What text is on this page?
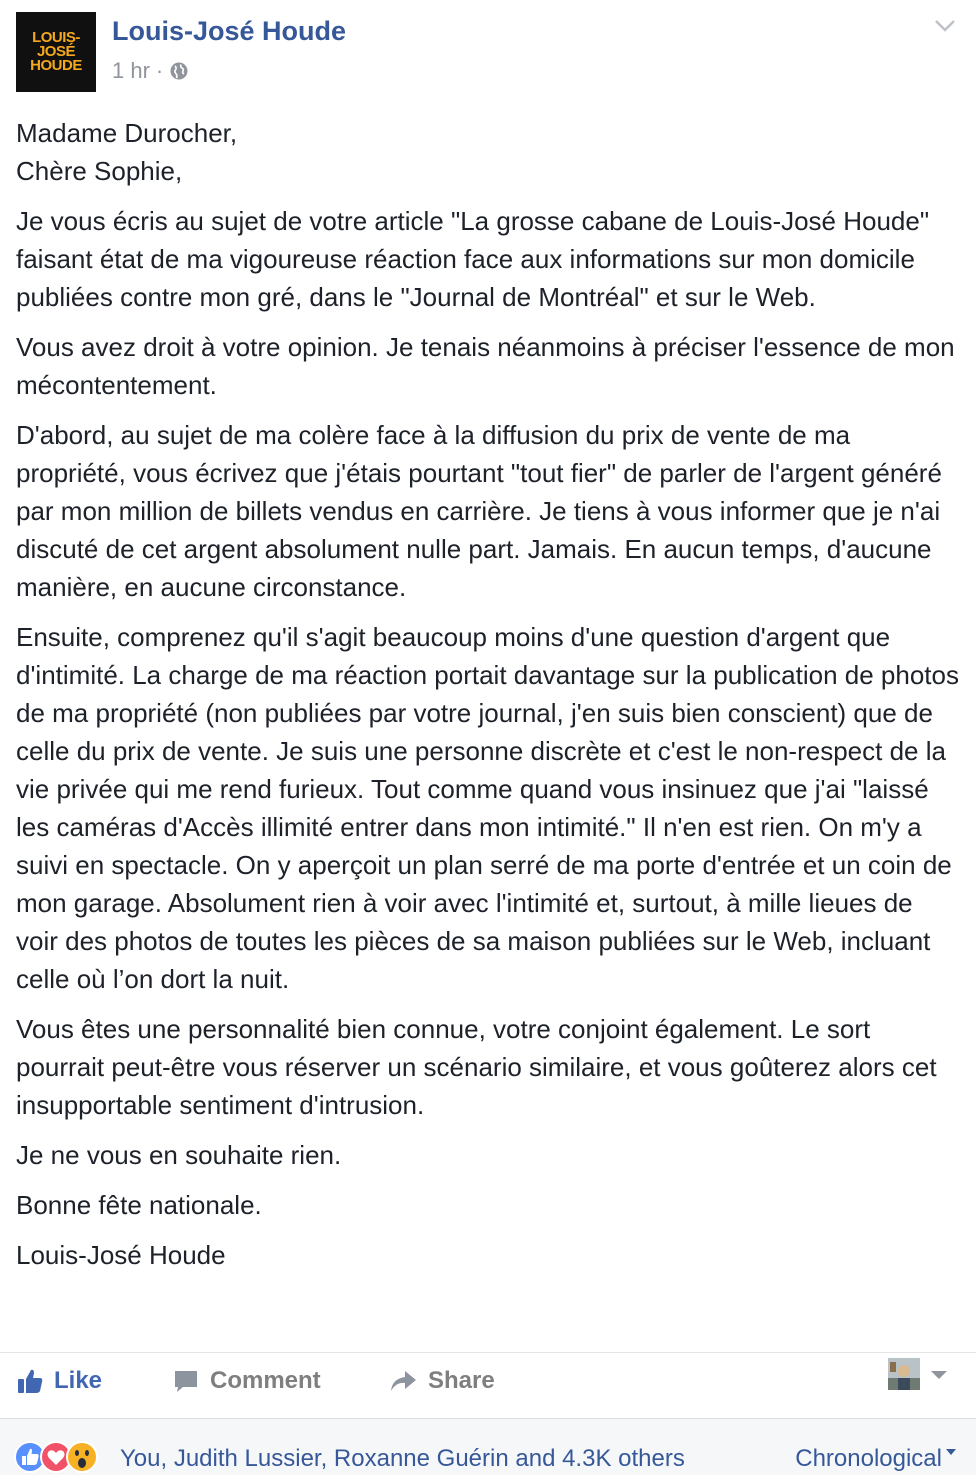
LOUIS-
JOSÉ
HOUDE
Louis-José Houde
1 hr ·

Madame Durocher,
Chère Sophie,

Je vous écris au sujet de votre article "La grosse cabane de Louis-José Houde" faisant état de ma vigoureuse réaction face aux informations sur mon domicile publiées contre mon gré, dans le "Journal de Montréal" et sur le Web.

Vous avez droit à votre opinion. Je tenais néanmoins à préciser l'essence de mon mécontentement.

D'abord, au sujet de ma colère face à la diffusion du prix de vente de ma propriété, vous écrivez que j'étais pourtant "tout fier" de parler de l'argent généré par mon million de billets vendus en carrière. Je tiens à vous informer que je n'ai discuté de cet argent absolument nulle part. Jamais. En aucun temps, d'aucune manière, en aucune circonstance.

Ensuite, comprenez qu'il s'agit beaucoup moins d'une question d'argent que d'intimité. La charge de ma réaction portait davantage sur la publication de photos de ma propriété (non publiées par votre journal, j'en suis bien conscient) que de celle du prix de vente. Je suis une personne discrète et c'est le non-respect de la vie privée qui me rend furieux. Tout comme quand vous insinuez que j'ai "laissé les caméras d'Accès illimité entrer dans mon intimité." Il n'en est rien. On m'y a suivi en spectacle. On y aperçoit un plan serré de ma porte d'entrée et un coin de mon garage. Absolument rien à voir avec l'intimité et, surtout, à mille lieues de voir des photos de toutes les pièces de sa maison publiées sur le Web, incluant celle où l’on dort la nuit.

Vous êtes une personnalité bien connue, votre conjoint également. Le sort pourrait peut-être vous réserver un scénario similaire, et vous goûterez alors cet insupportable sentiment d'intrusion.

Je ne vous en souhaite rien.

Bonne fête nationale.

Louis-José Houde

Like	Comment	Share
You, Judith Lussier, Roxanne Guérin and 4.3K others	Chronological
